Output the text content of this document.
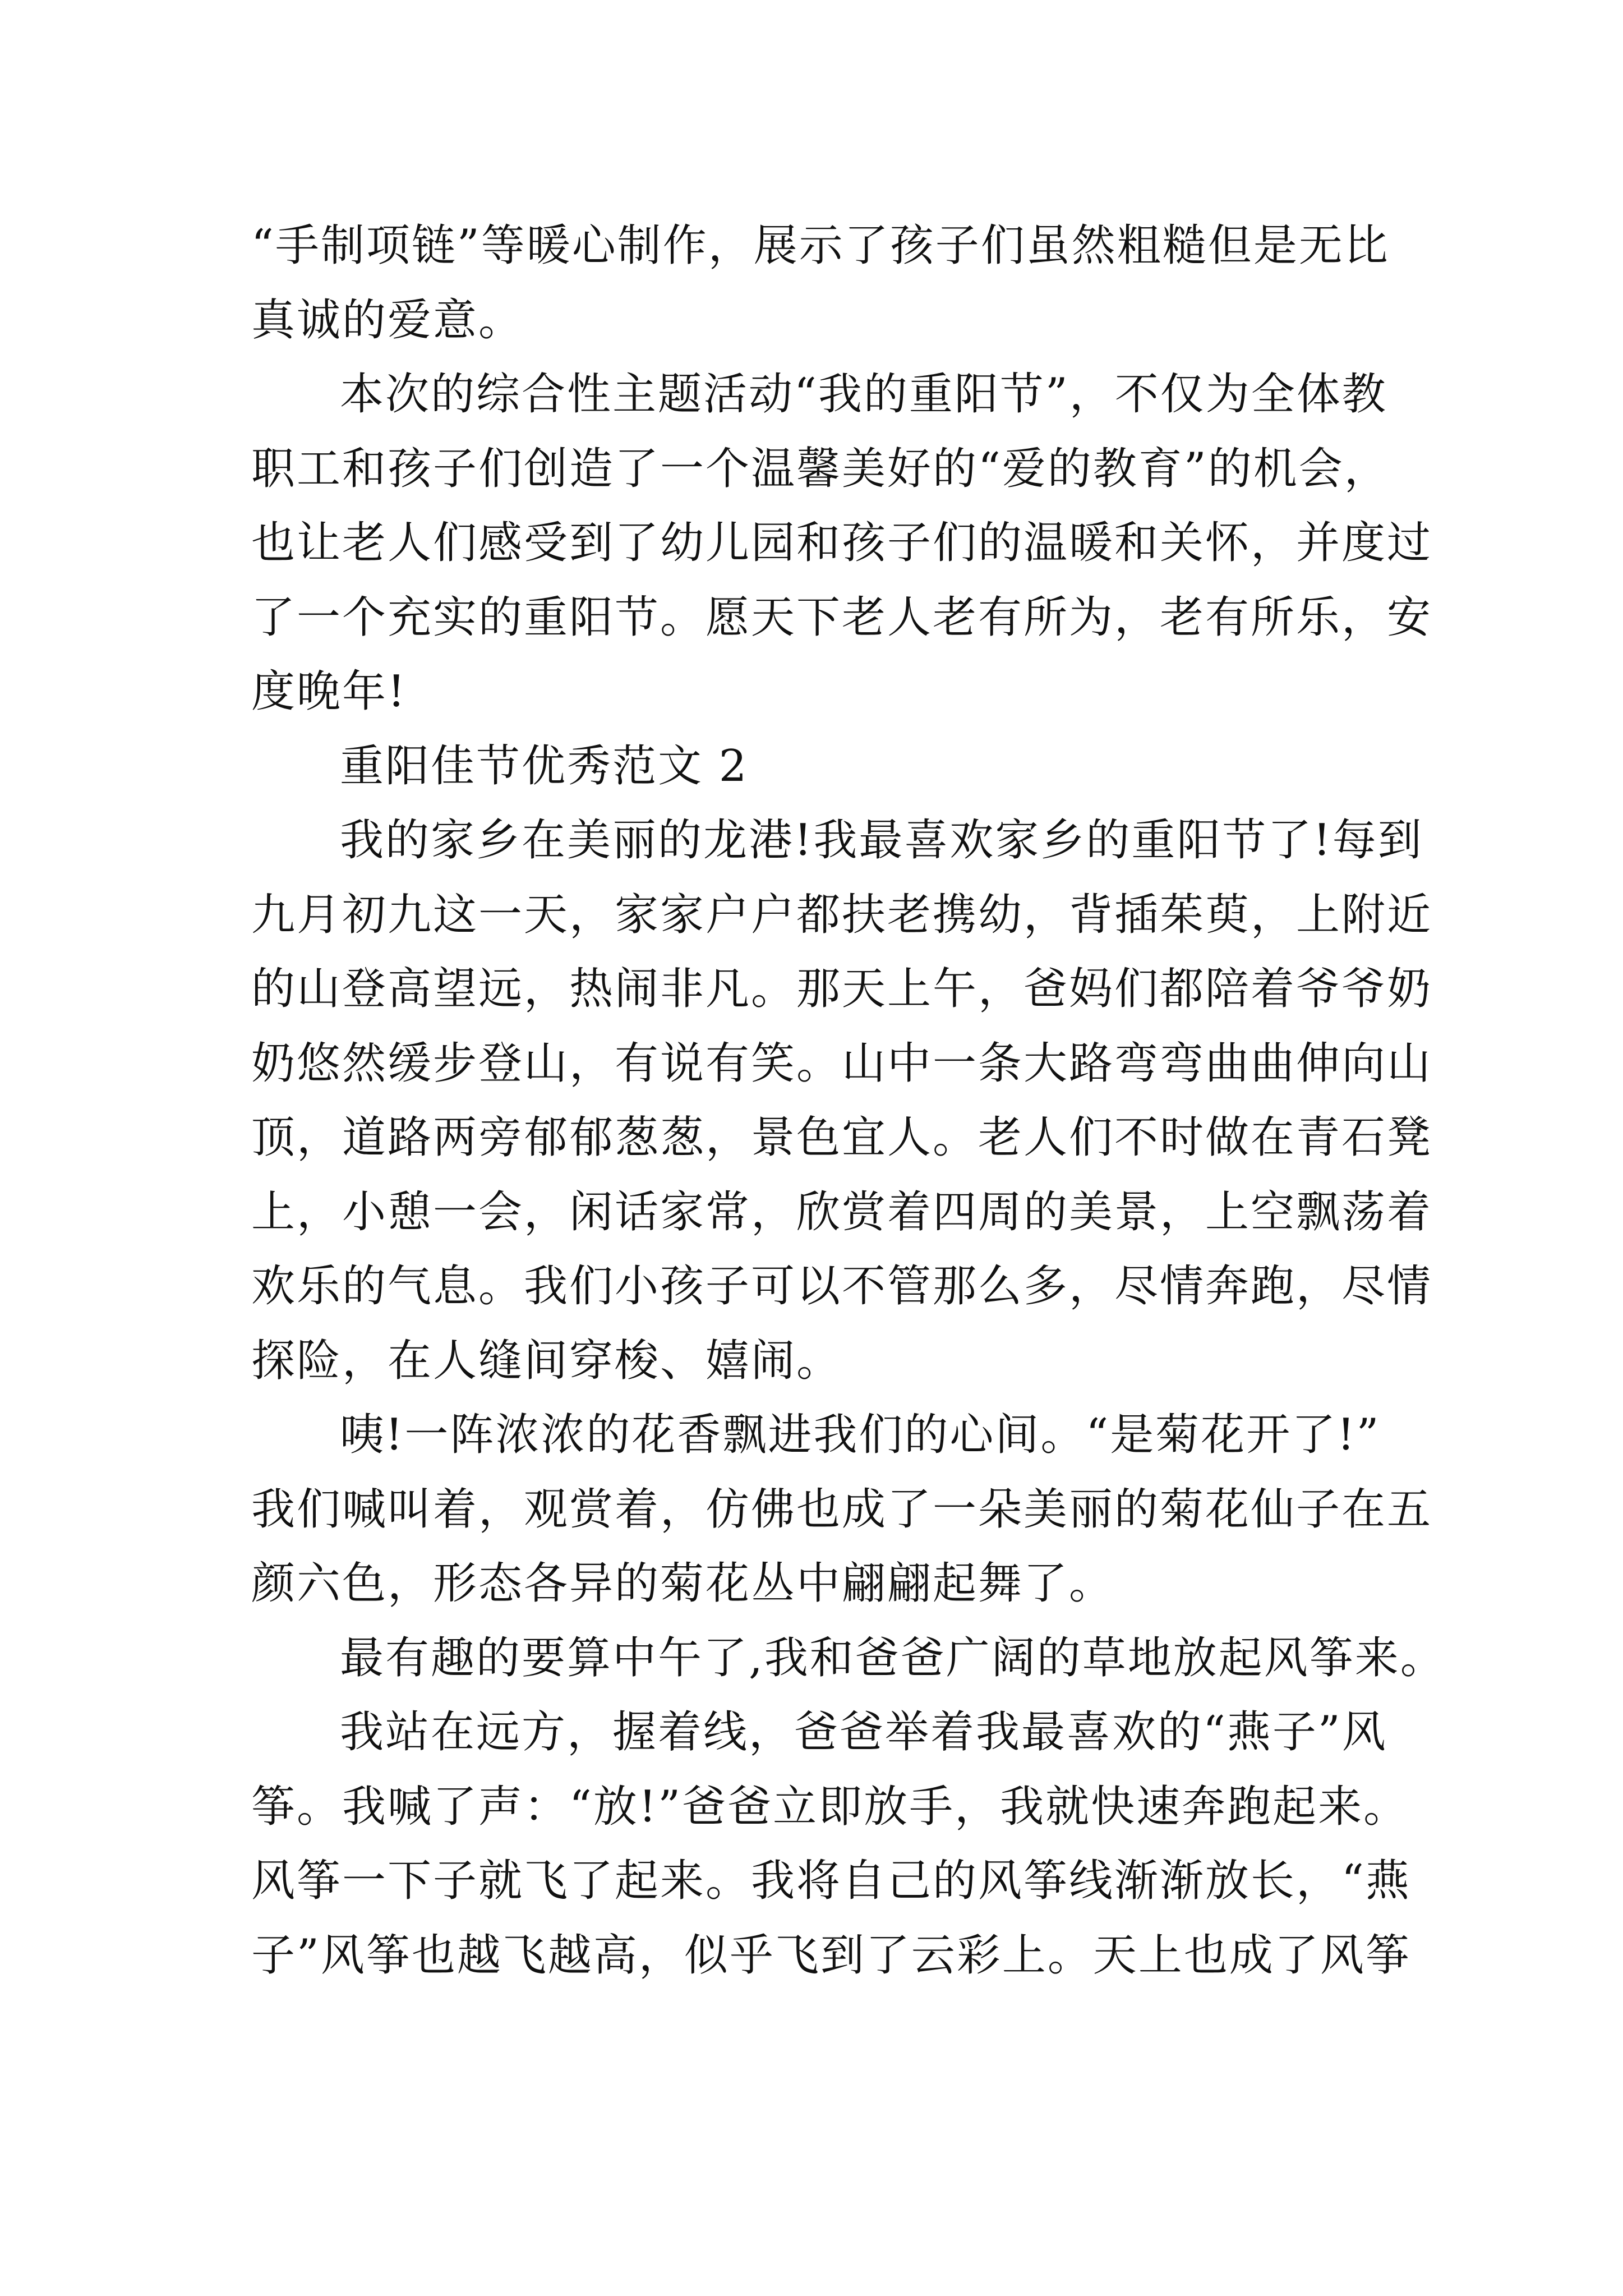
“手制项链”等暖心制作，展示了孩子们虽然粗糙但是无比
真诚的爱意。
本次的综合性主题活动“我的重阳节”，不仅为全体教
职工和孩子们创造了一个温馨美好的“爱的教育”的机会，
也让老人们感受到了幼儿园和孩子们的温暖和关怀，并度过
了一个充实的重阳节。愿天下老人老有所为，老有所乐，安
度晚年!
重阳佳节优秀范文 2
我的家乡在美丽的龙港!我最喜欢家乡的重阳节了!每到
九月初九这一天，家家户户都扶老携幼，背插茱萸，上附近
的山登高望远，热闹非凡。那天上午，爸妈们都陪着爷爷奶
奶悠然缓步登山，有说有笑。山中一条大路弯弯曲曲伸向山
顶，道路两旁郁郁葱葱，景色宜人。老人们不时做在青石凳
上，小憩一会，闲话家常，欣赏着四周的美景，上空飘荡着
欢乐的气息。我们小孩子可以不管那么多，尽情奔跑，尽情
探险，在人缝间穿梭、嬉闹。
咦!一阵浓浓的花香飘进我们的心间。“是菊花开了!”
我们喊叫着，观赏着，仿佛也成了一朵美丽的菊花仙子在五
颜六色，形态各异的菊花丛中翩翩起舞了。
最有趣的要算中午了,我和爸爸广阔的草地放起风筝来。
我站在远方，握着线，爸爸举着我最喜欢的“燕子”风
筝。我喊了声：“放!”爸爸立即放手，我就快速奔跑起来。
风筝一下子就飞了起来。我将自己的风筝线渐渐放长，“燕
子”风筝也越飞越高，似乎飞到了云彩上。天上也成了风筝
